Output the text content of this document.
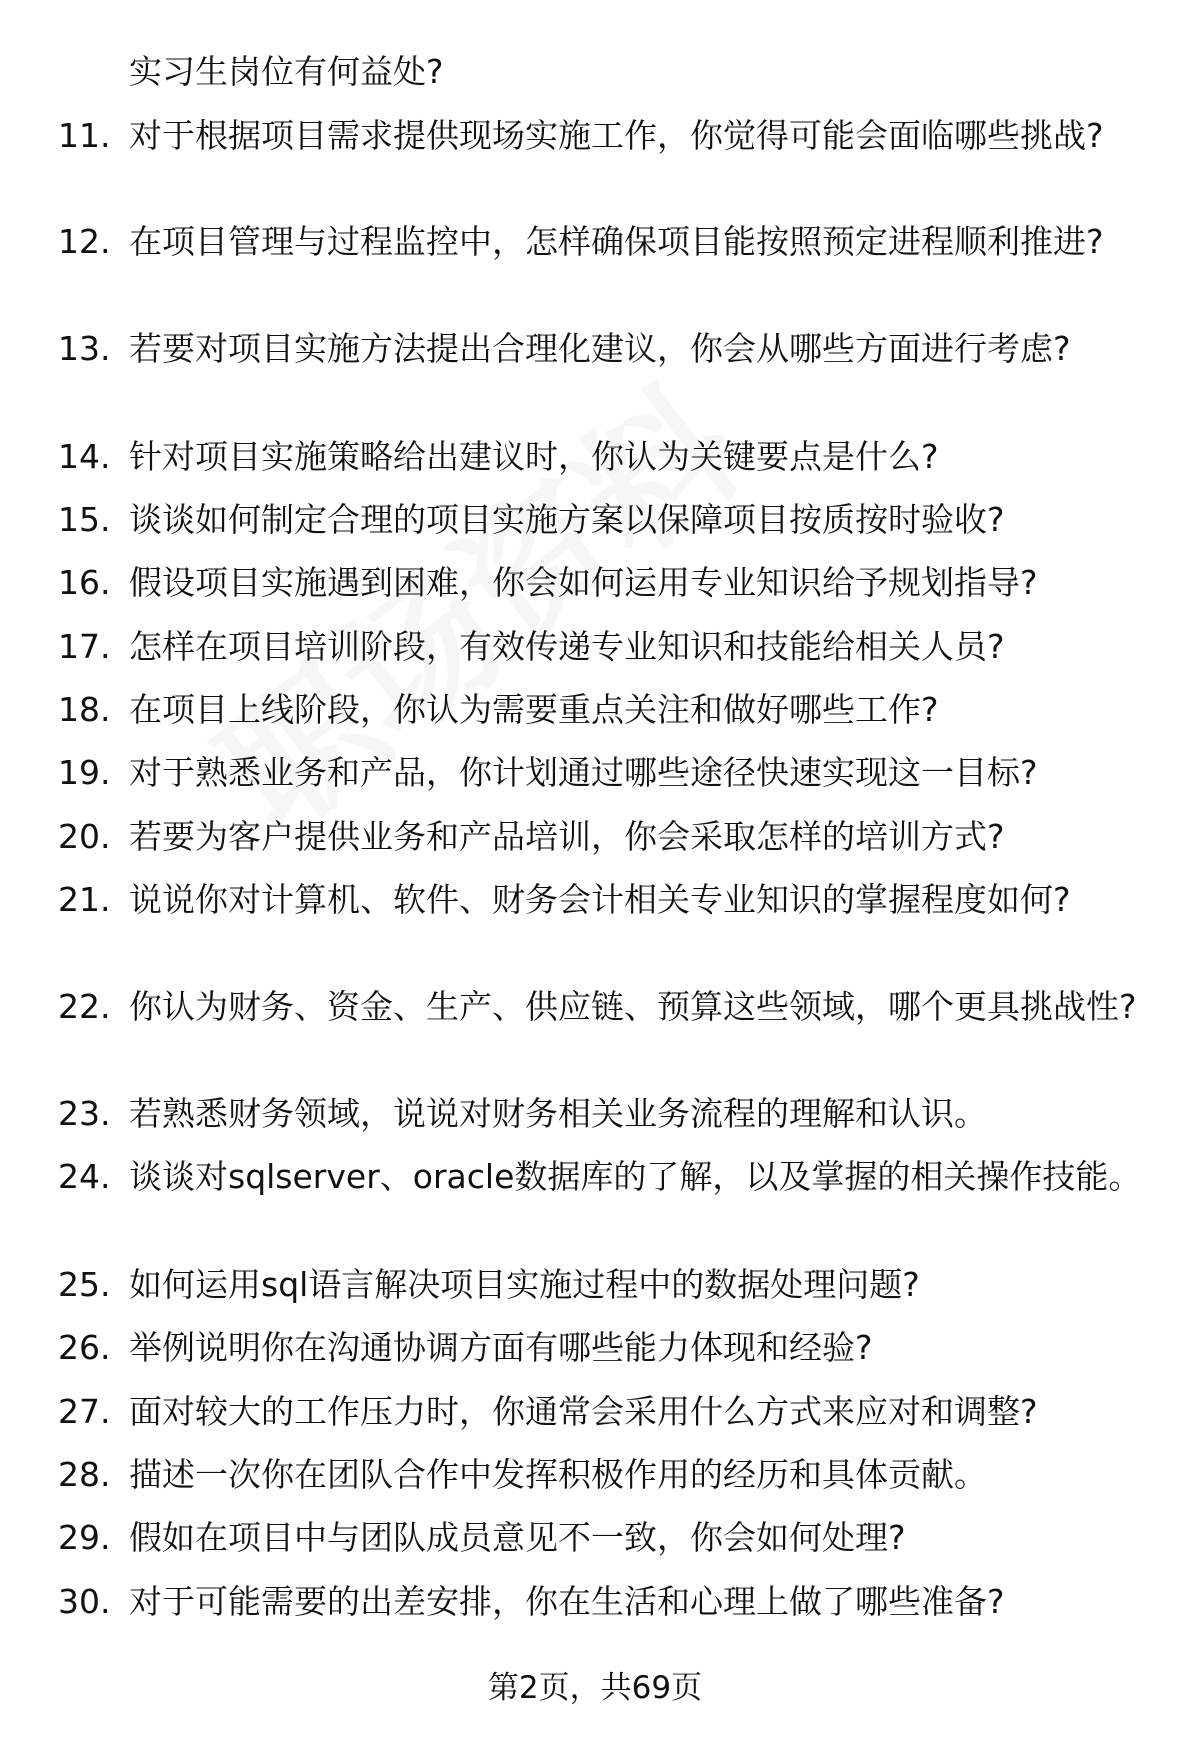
实习生岗位有何益处?
11. 对于根据项目需求提供现场实施工作，你觉得可能会面临哪些挑战?
12. 在项目管理与过程监控中，怎样确保项目能按照预定进程顺利推进?
13. 若要对项目实施方法提出合理化建议，你会从哪些方面进行考虑?
14. 针对项目实施策略给出建议时，你认为关键要点是什么?
15. 谈谈如何制定合理的项目实施方案以保障项目按质按时验收?
16. 假设项目实施遇到困难，你会如何运用专业知识给予规划指导?
17. 怎样在项目培训阶段，有效传递专业知识和技能给相关人员?
18. 在项目上线阶段，你认为需要重点关注和做好哪些工作?
19. 对于熟悉业务和产品，你计划通过哪些途径快速实现这一目标?
20. 若要为客户提供业务和产品培训，你会采取怎样的培训方式?
21. 说说你对计算机、软件、财务会计相关专业知识的掌握程度如何?
22. 你认为财务、资金、生产、供应链、预算这些领域，哪个更具挑战性?
23. 若熟悉财务领域，说说对财务相关业务流程的理解和认识。
24. 谈谈对sqlserver、oracle数据库的了解，以及掌握的相关操作技能。
25. 如何运用sql语言解决项目实施过程中的数据处理问题?
26. 举例说明你在沟通协调方面有哪些能力体现和经验?
27. 面对较大的工作压力时，你通常会采用什么方式来应对和调整?
28. 描述一次你在团队合作中发挥积极作用的经历和具体贡献。
29. 假如在项目中与团队成员意见不一致，你会如何处理?
30. 对于可能需要的出差安排，你在生活和心理上做了哪些准备?
第2页，共69页
